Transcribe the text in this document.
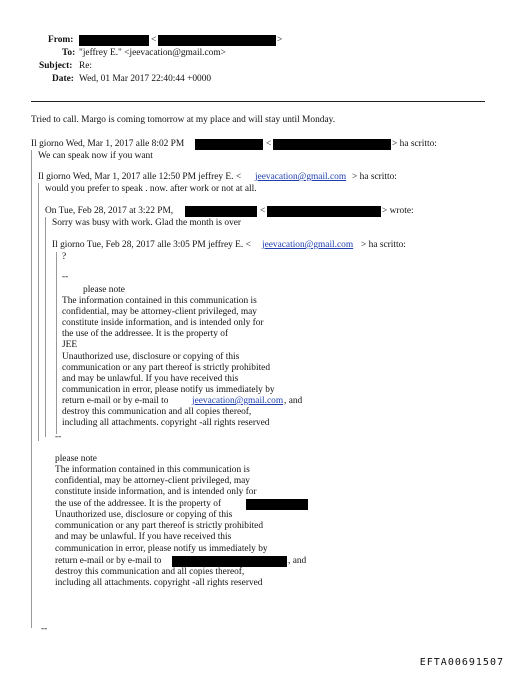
From:	<	>
To: "jeffrey E." <jeevacation@gmail.com>
Subject: Re:
Date: Wed, 01 Mar 2017 22:40:44 +0000
Tried to call. Margo is coming tomorrow at my place and will stay until Monday.
Il giorno Wed, Mar 1, 2017 alle 8:02 PM	<	> ha scritto:
We can speak now if you want
Il giorno Wed, Mar 1, 2017 alle 12:50 PM jeffrey E. < jeevacation@gmail.com > ha scritto:
would you prefer to speak . now. after work or not at all.
On Tue, Feb 28, 2017 at 3:22 PM,	<	> wrote:
Sorry was busy with work. Glad the month is over
Il giorno Tue, Feb 28, 2017 alle 3:05 PM jeffrey E. < jeevacation@gmail.com > ha scritto:
?
--
please note
The information contained in this communication is
confidential, may be attorney-client privileged, may
constitute inside information, and is intended only for
the use of the addressee. It is the property of
JEE
Unauthorized use, disclosure or copying of this
communication or any part thereof is strictly prohibited
and may be unlawful. If you have received this
communication in error, please notify us immediately by
return e-mail or by e-mail to	jeevacation@gmail.com , and
destroy this communication and all copies thereof,
including all attachments. copyright -all rights reserved
--
please note
The information contained in this communication is
confidential, may be attorney-client privileged, may
constitute inside information, and is intended only for
the use of the addressee. It is the property of
Unauthorized use, disclosure or copying of this
communication or any part thereof is strictly prohibited
and may be unlawful. If you have received this
communication in error, please notify us immediately by
return e-mail or by e-mail to	, and
destroy this communication and all copies thereof,
including all attachments. copyright -all rights reserved
--
EFTA00691507
